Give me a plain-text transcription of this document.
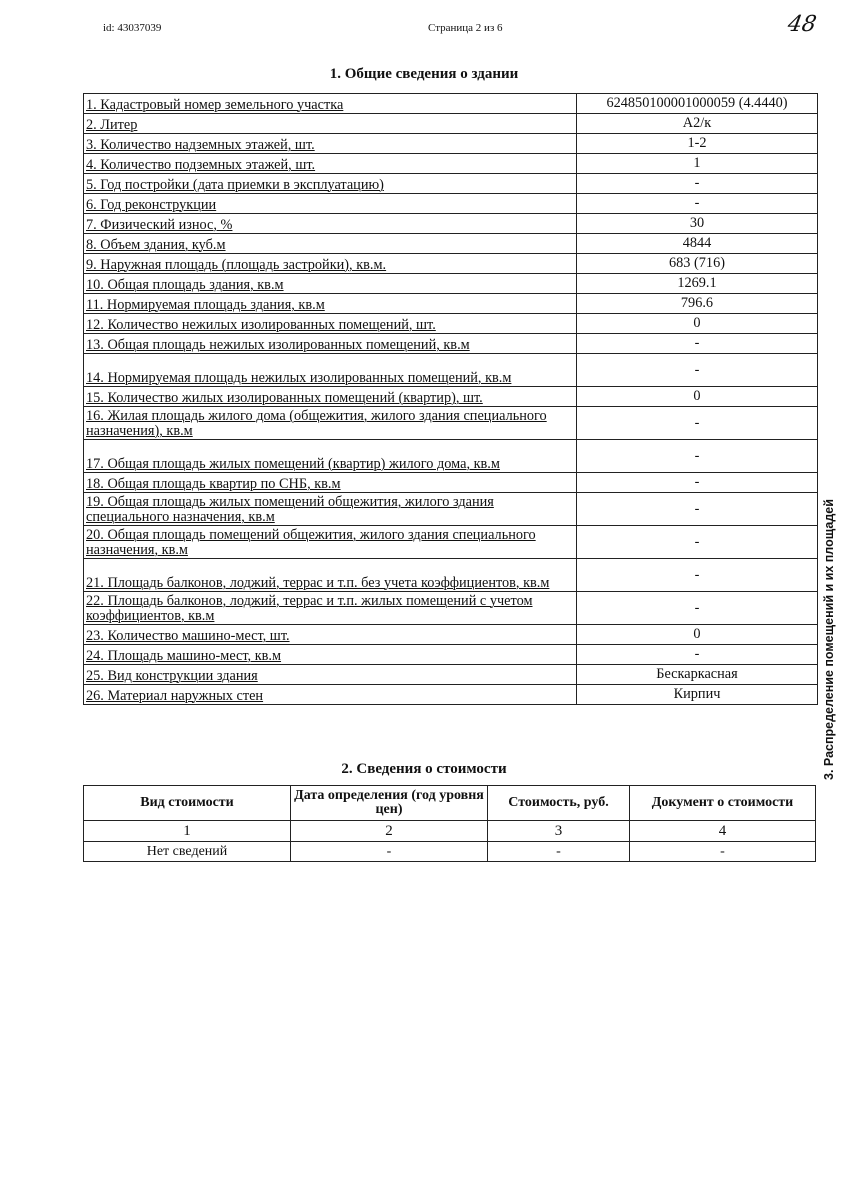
id: 43037039	Страница 2 из 6	48
1. Общие сведения о здании
1. Кадастровый номер земельного участка	624850100001000059 (4.4440)
2. Литер	А2/к
3. Количество надземных этажей, шт.	1-2
4. Количество подземных этажей, шт.	1
5. Год постройки (дата приемки в эксплуатацию)	-
6. Год реконструкции	-
7. Физический износ, %	30
8. Объем здания, куб.м	4844
9. Наружная площадь (площадь застройки), кв.м.	683 (716)
10. Общая площадь здания, кв.м	1269.1
11. Нормируемая площадь здания, кв.м	796.6
12. Количество нежилых изолированных помещений, шт.	0
13. Общая площадь нежилых изолированных помещений, кв.м	-
14. Нормируемая площадь нежилых изолированных помещений, кв.м	-
15. Количество жилых изолированных помещений (квартир), шт.	0
16. Жилая площадь жилого дома (общежития, жилого здания специального назначения), кв.м	-
17. Общая площадь жилых помещений (квартир) жилого дома, кв.м	-
18. Общая площадь квартир по СНБ, кв.м	-
19. Общая площадь жилых помещений общежития, жилого здания специального назначения, кв.м	-
20. Общая площадь помещений общежития, жилого здания специального назначения, кв.м	-
21. Площадь балконов, лоджий, террас и т.п. без учета коэффициентов, кв.м	-
22. Площадь балконов, лоджий, террас и т.п. жилых помещений с учетом коэффициентов, кв.м	-
23. Количество машино-мест, шт.	0
24. Площадь машино-мест, кв.м	-
25. Вид конструкции здания	Бескаркасная
26. Материал наружных стен	Кирпич
2. Сведения о стоимости
Вид стоимости	Дата определения (год уровня цен)	Стоимость, руб.	Документ о стоимости
1	2	3	4
Нет сведений	-	-	-
3. Распределение помещений и их площадей
